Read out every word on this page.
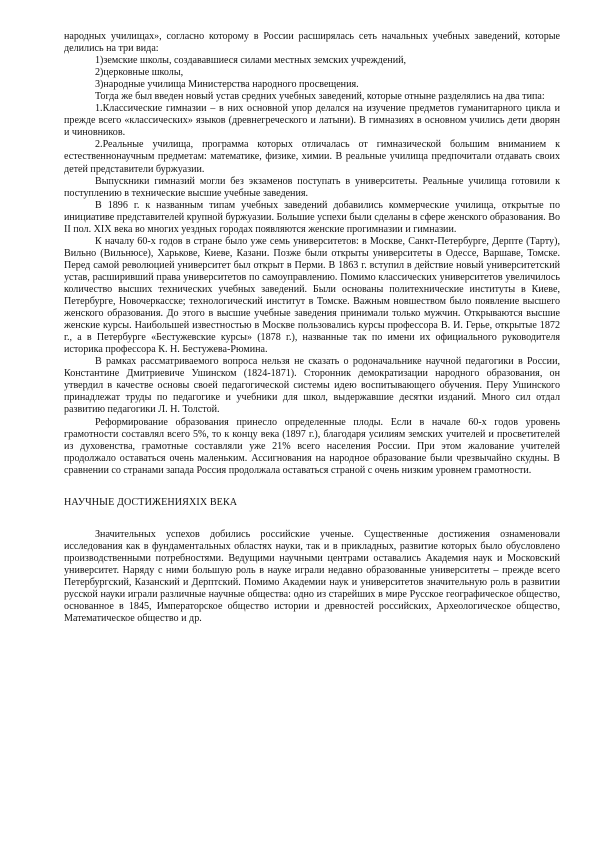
народных училищах», согласно которому в России расширялась сеть начальных учебных заведений, которые делились на три вида:

1)земские школы, создававшиеся силами местных земских учреждений,

2)церковные школы,

3)народные училища Министерства народного просвещения.

Тогда же был введен новый устав средних учебных заведений, которые отныне разделялись на два типа:

1.Классические гимназии – в них основной упор делался на изучение предметов гуманитарного цикла и прежде всего «классических» языков (древнегреческого и латыни). В гимназиях в основном учились дети дворян и чиновников.

2.Реальные училища, программа которых отличалась от гимназической большим вниманием к естественнонаучным предметам: математике, физике, химии. В реальные училища предпочитали отдавать своих детей представители буржуазии.

Выпускники гимназий могли без экзаменов поступать в университеты. Реальные училища готовили к поступлению в технические высшие учебные заведения.

В 1896 г. к названным типам учебных заведений добавились коммерческие училища, открытые по инициативе представителей крупной буржуазии. Большие успехи были сделаны в сфере женского образования. Во II пол. XIX века во многих уездных городах появляются женские прогимназии и гимназии.

К началу 60-х годов в стране было уже семь университетов: в Москве, Санкт-Петербурге, Дерпте (Тарту), Вильно (Вильнюсе), Харькове, Киеве, Казани. Позже были открыты университеты в Одессе, Варшаве, Томске. Перед самой революцией университет был открыт в Перми. В 1863 г. вступил в действие новый университетский устав, расширивший права университетов по самоуправлению. Помимо классических университетов увеличилось количество высших технических учебных заведений. Были основаны политехнические институты в Киеве, Петербурге, Новочеркасске; технологический институт в Томске. Важным новшеством было появление высшего женского образования. До этого в высшие учебные заведения принимали только мужчин. Открываются высшие женские курсы. Наибольшей известностью в Москве пользовались курсы профессора В. И. Герье, открытые 1872 г., а в Петербурге «Бестужевские курсы» (1878 г.), названные так по имени их официального руководителя историка профессора К. Н. Бестужева-Рюмина.

В рамках рассматриваемого вопроса нельзя не сказать о родоначальнике научной педагогики в России, Константине Дмитриевиче Ушинском (1824-1871). Сторонник демократизации народного образования, он утвердил в качестве основы своей педагогической системы идею воспитывающего обучения. Перу Ушинского принадлежат труды по педагогике и учебники для школ, выдержавшие десятки изданий. Много сил отдал развитию педагогики Л. Н. Толстой.

Реформирование образования принесло определенные плоды. Если в начале 60-х годов уровень грамотности составлял всего 5%, то к концу века (1897 г.), благодаря усилиям земских учителей и просветителей из духовенства, грамотные составляли уже 21% всего населения России. При этом жалование учителей продолжало оставаться очень маленьким. Ассигнования на народное образование были чрезвычайно скудны. В сравнении со странами запада Россия продолжала оставаться страной с очень низким уровнем грамотности.

НАУЧНЫЕ ДОСТИЖЕНИЯXIX ВЕКА

Значительных успехов добились российские ученые. Существенные достижения ознаменовали исследования как в фундаментальных областях науки, так и в прикладных, развитие которых было обусловлено производственными потребностями. Ведущими научными центрами оставались Академия наук и Московский университет. Наряду с ними большую роль в науке играли недавно образованные университеты – прежде всего Петербургский, Казанский и Дерптский. Помимо Академии наук и университетов значительную роль в развитии русской науки играли различные научные общества: одно из старейших в мире Русское географическое общество, основанное в 1845, Императорское общество истории и древностей российских, Археологическое общество, Математическое общество и др.
